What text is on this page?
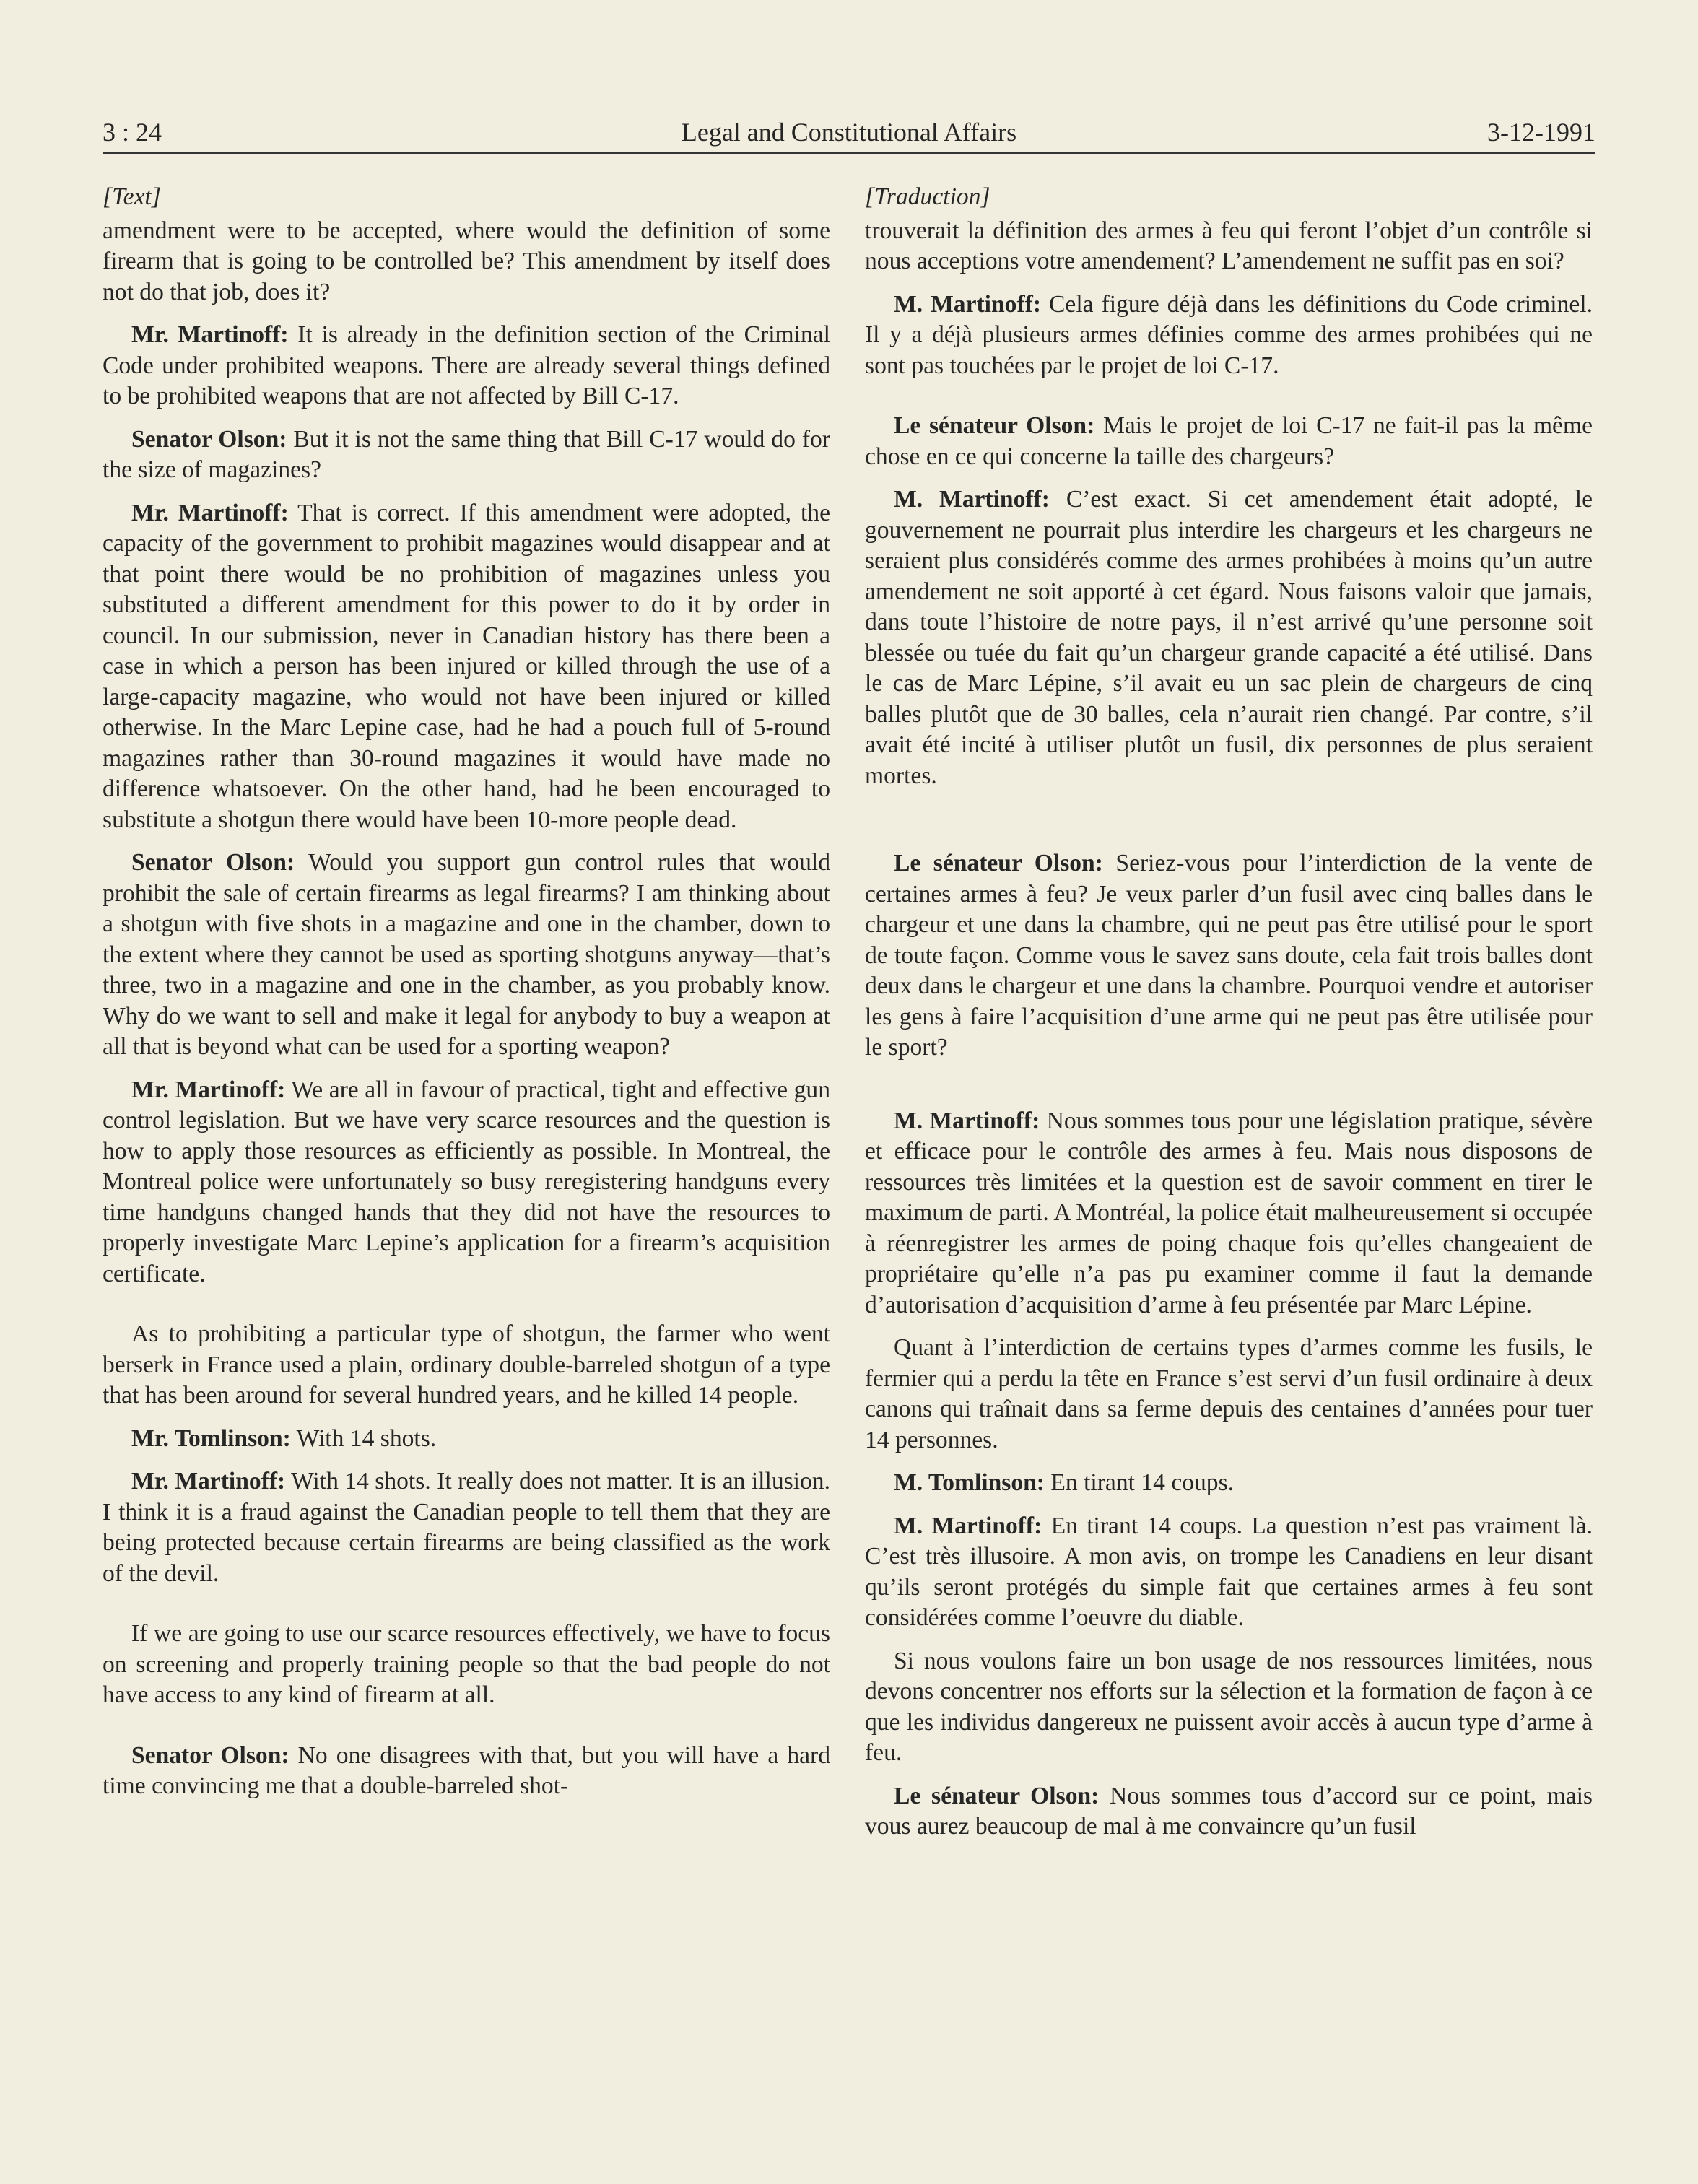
3 : 24	Legal and Constitutional Affairs	3-12-1991

[Text]

amendment were to be accepted, where would the definition of some firearm that is going to be controlled be? This amendment by itself does not do that job, does it?

Mr. Martinoff: It is already in the definition section of the Criminal Code under prohibited weapons. There are already several things defined to be prohibited weapons that are not affected by Bill C-17.

Senator Olson: But it is not the same thing that Bill C-17 would do for the size of magazines?

Mr. Martinoff: That is correct. If this amendment were adopted, the capacity of the government to prohibit magazines would disappear and at that point there would be no prohibition of magazines unless you substituted a different amendment for this power to do it by order in council. In our submission, never in Canadian history has there been a case in which a person has been injured or killed through the use of a large-capacity magazine, who would not have been injured or killed otherwise. In the Marc Lepine case, had he had a pouch full of 5-round magazines rather than 30-round magazines it would have made no difference whatsoever. On the other hand, had he been encouraged to substitute a shotgun there would have been 10-more people dead.

Senator Olson: Would you support gun control rules that would prohibit the sale of certain firearms as legal firearms? I am thinking about a shotgun with five shots in a magazine and one in the chamber, down to the extent where they cannot be used as sporting shotguns anyway—that’s three, two in a magazine and one in the chamber, as you probably know. Why do we want to sell and make it legal for anybody to buy a weapon at all that is beyond what can be used for a sporting weapon?

Mr. Martinoff: We are all in favour of practical, tight and effective gun control legislation. But we have very scarce resources and the question is how to apply those resources as efficiently as possible. In Montreal, the Montreal police were unfortunately so busy reregistering handguns every time handguns changed hands that they did not have the resources to properly investigate Marc Lepine’s application for a firearm’s acquisition certificate.

As to prohibiting a particular type of shotgun, the farmer who went berserk in France used a plain, ordinary double-barreled shotgun of a type that has been around for several hundred years, and he killed 14 people.

Mr. Tomlinson: With 14 shots.

Mr. Martinoff: With 14 shots. It really does not matter. It is an illusion. I think it is a fraud against the Canadian people to tell them that they are being protected because certain firearms are being classified as the work of the devil.

If we are going to use our scarce resources effectively, we have to focus on screening and properly training people so that the bad people do not have access to any kind of firearm at all.

Senator Olson: No one disagrees with that, but you will have a hard time convincing me that a double-barreled shot-

[Traduction]

trouverait la définition des armes à feu qui feront l’objet d’un contrôle si nous acceptions votre amendement? L’amendement ne suffit pas en soi?

M. Martinoff: Cela figure déjà dans les définitions du Code criminel. Il y a déjà plusieurs armes définies comme des armes prohibées qui ne sont pas touchées par le projet de loi C-17.

Le sénateur Olson: Mais le projet de loi C-17 ne fait-il pas la même chose en ce qui concerne la taille des chargeurs?

M. Martinoff: C’est exact. Si cet amendement était adopté, le gouvernement ne pourrait plus interdire les chargeurs et les chargeurs ne seraient plus considérés comme des armes prohibées à moins qu’un autre amendement ne soit apporté à cet égard. Nous faisons valoir que jamais, dans toute l’histoire de notre pays, il n’est arrivé qu’une personne soit blessée ou tuée du fait qu’un chargeur grande capacité a été utilisé. Dans le cas de Marc Lépine, s’il avait eu un sac plein de chargeurs de cinq balles plutôt que de 30 balles, cela n’aurait rien changé. Par contre, s’il avait été incité à utiliser plutôt un fusil, dix personnes de plus seraient mortes.

Le sénateur Olson: Seriez-vous pour l’interdiction de la vente de certaines armes à feu? Je veux parler d’un fusil avec cinq balles dans le chargeur et une dans la chambre, qui ne peut pas être utilisé pour le sport de toute façon. Comme vous le savez sans doute, cela fait trois balles dont deux dans le chargeur et une dans la chambre. Pourquoi vendre et autoriser les gens à faire l’acquisition d’une arme qui ne peut pas être utilisée pour le sport?

M. Martinoff: Nous sommes tous pour une législation pratique, sévère et efficace pour le contrôle des armes à feu. Mais nous disposons de ressources très limitées et la question est de savoir comment en tirer le maximum de parti. A Montréal, la police était malheureusement si occupée à réenregistrer les armes de poing chaque fois qu’elles changeaient de propriétaire qu’elle n’a pas pu examiner comme il faut la demande d’autorisation d’acquisition d’arme à feu présentée par Marc Lépine.

Quant à l’interdiction de certains types d’armes comme les fusils, le fermier qui a perdu la tête en France s’est servi d’un fusil ordinaire à deux canons qui traînait dans sa ferme depuis des centaines d’années pour tuer 14 personnes.

M. Tomlinson: En tirant 14 coups.

M. Martinoff: En tirant 14 coups. La question n’est pas vraiment là. C’est très illusoire. A mon avis, on trompe les Canadiens en leur disant qu’ils seront protégés du simple fait que certaines armes à feu sont considérées comme l’oeuvre du diable.

Si nous voulons faire un bon usage de nos ressources limitées, nous devons concentrer nos efforts sur la sélection et la formation de façon à ce que les individus dangereux ne puissent avoir accès à aucun type d’arme à feu.

Le sénateur Olson: Nous sommes tous d’accord sur ce point, mais vous aurez beaucoup de mal à me convaincre qu’un fusil
